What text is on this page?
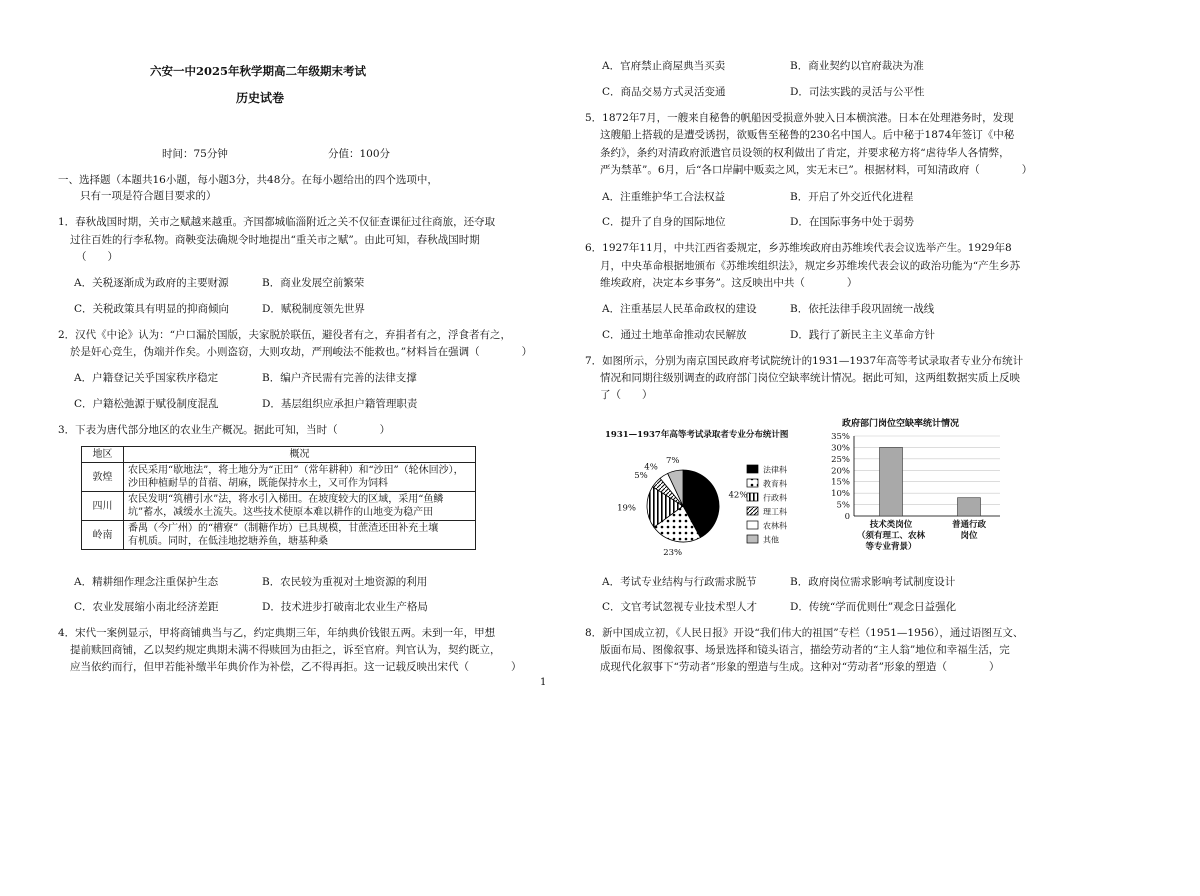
六安一中2025年秋学期高二年级期末考试
历史试卷
时间：75分钟	分值：100分
一、选择题（本题共16小题，每小题3分，共48分。在每小题给出的四个选项中，
只有一项是符合题目要求的）
1．春秋战国时期，关市之赋越来越重。齐国都城临淄附近之关不仅征查课征过往商旅，还夺取
过往百姓的行李私物。商鞅变法确规令时地提出“重关市之赋”。由此可知，春秋战国时期
（　　）
A．关税逐渐成为政府的主要财源	B．商业发展空前繁荣
C．关税政策具有明显的抑商倾向	D．赋税制度领先世界
2．汉代《中论》认为：“户口漏於国版，夫家脱於联伍，避役者有之，弃捐者有之，浮食者有之，
於是奸心竞生，伪端并作矣。小则盗窃，大则攻劫，严刑峻法不能救也。”材料旨在强调（　　　　）
A．户籍登记关乎国家秩序稳定	B．编户齐民需有完善的法律支撑
C．户籍松弛源于赋役制度混乱	D．基层组织应承担户籍管理职责
3．下表为唐代部分地区的农业生产概况。据此可知，当时（　　　　）
地区	概况
敦煌	农民采用“歇地法”，将土地分为“正田”（常年耕种）和“沙田”（轮休回沙），
沙田种植耐旱的苜蓿、胡麻，既能保持水土，又可作为饲料

四川	农民发明“筑槽引水”法，将水引入梯田。在坡度较大的区域，采用“鱼鳞
坑”蓄水，减缓水土流失。这些技术使原本难以耕作的山地变为稳产田

岭南	番禺（今广州）的“槽寮”（制糖作坊）已具规模，甘蔗渣还田补充土壤
有机质。同时，在低洼地挖塘养鱼，塘基种桑
A．精耕细作理念注重保护生态	B．农民较为重视对土地资源的利用
C．农业发展缩小南北经济差距	D．技术进步打破南北农业生产格局
4．宋代一案例显示，甲将商铺典当与乙，约定典期三年，年纳典价钱银五两。未到一年，甲想
提前赎回商铺，乙以契约规定典期未满不得赎回为由拒之，诉至官府。判官认为，契约既立，
应当依约而行，但甲若能补缴半年典价作为补偿，乙不得再拒。这一记载反映出宋代（　　　　）
1
A．官府禁止商屋典当买卖	B．商业契约以官府裁决为准
C．商品交易方式灵活变通	D．司法实践的灵活与公平性
5．1872年7月，一艘来自秘鲁的帆船因受损意外驶入日本横滨港。日本在处理港务时，发现
这艘船上搭载的是遭受诱拐，欲贩售至秘鲁的230名中国人。后中秘于1874年签订《中秘
条约》，条约对清政府派遣官员设领的权利做出了肯定，并要求秘方将“虐待华人各情弊，
严为禁革”。6月，后“各口岸嗣中贩卖之风，实无末已”。根据材料，可知清政府（　　　　）
A．注重维护华工合法权益	B．开启了外交近代化进程
C．提升了自身的国际地位	D．在国际事务中处于弱势
6．1927年11月，中共江西省委规定，乡苏维埃政府由苏维埃代表会议选举产生。1929年8
月，中央革命根据地颁布《苏维埃组织法》，规定乡苏维埃代表会议的政治功能为“产生乡苏
维埃政府，决定本乡事务”。这反映出中共（　　　　）
A．注重基层人民革命政权的建设	B．依托法律手段巩固统一战线
C．通过土地革命推动农民解放	D．践行了新民主主义革命方针
7．如图所示，分别为南京国民政府考试院统计的1931—1937年高等考试录取者专业分布统计
情况和同期往级别调查的政府部门岗位空缺率统计情况。据此可知，这两组数据实质上反映
了（　　）
1931—1937年高等考试录取者专业分布统计图
42%
23%
19%
5%
4%
7%
法律科
教育科
行政科
理工科
农林科
其他
政府部门岗位空缺率统计情况
0
5%
10%
15%
20%
25%
30%
35%
技术类岗位
（须有理工、农林
等专业背景）
普通行政
岗位
A．考试专业结构与行政需求脱节	B．政府岗位需求影响考试制度设计
C．文官考试忽视专业技术型人才	D．传统“学而优则仕”观念日益强化
8．新中国成立初，《人民日报》开设“我们伟大的祖国”专栏（1951—1956），通过语图互文、
版面布局、图像叙事、场景选择和镜头语言，描绘劳动者的“主人翁”地位和幸福生活，完
成现代化叙事下“劳动者”形象的塑造与生成。这种对“劳动者”形象的塑造（　　　　）
